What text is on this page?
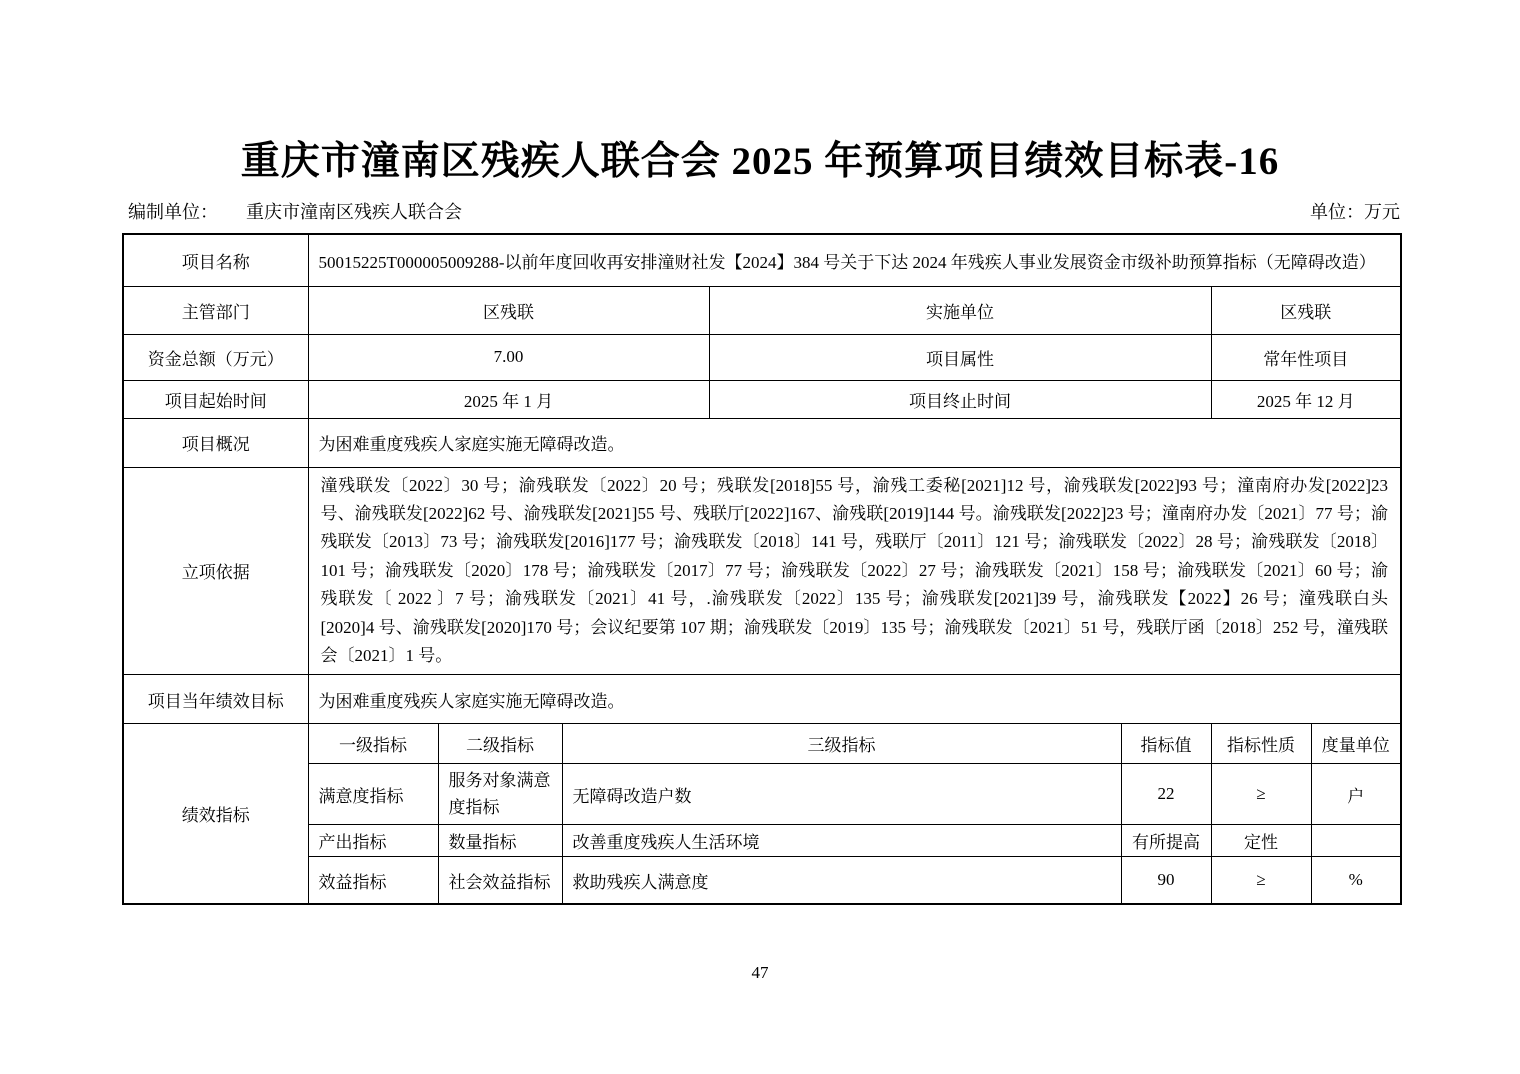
重庆市潼南区残疾人联合会 2025 年预算项目绩效目标表-16
编制单位： 重庆市潼南区残疾人联合会	单位：万元
项目名称	50015225T000005009288-以前年度回收再安排潼财社发【2024】384 号关于下达 2024 年残疾人事业发展资金市级补助预算指标（无障碍改造）						
主管部门	区残联			实施单位		区残联	
资金总额（万元）	7.00			项目属性		常年性项目	
项目起始时间	2025 年 1 月			项目终止时间		2025 年 12 月	
项目概况	为困难重度残疾人家庭实施无障碍改造。						
立项依据	潼残联发〔2022〕30 号；渝残联发〔2022〕20 号；残联发[2018]55 号，渝残工委秘[2021]12 号，渝残联发[2022]93 号；潼南府办发[2022]23 号、渝残联发[2022]62 号、渝残联发[2021]55 号、残联厅[2022]167、渝残联[2019]144 号。渝残联发[2022]23 号；潼南府办发〔2021〕77 号；渝残联发〔2013〕73 号；渝残联发[2016]177 号；渝残联发〔2018〕141 号，残联厅〔2011〕121 号；渝残联发〔2022〕28 号；渝残联发〔2018〕101 号；渝残联发〔2020〕178 号；渝残联发〔2017〕77 号；渝残联发〔2022〕27 号；渝残联发〔2021〕158 号；渝残联发〔2021〕60 号；渝残联发〔 2022 〕7 号；渝残联发〔2021〕41 号，.渝残联发〔2022〕135 号；渝残联发[2021]39 号，渝残联发【2022】26 号；潼残联白头[2020]4 号、渝残联发[2020]170 号；会议纪要第 107 期；渝残联发〔2019〕135 号；渝残联发〔2021〕51 号，残联厅函〔2018〕252 号，潼残联会〔2021〕1 号。						
项目当年绩效目标	为困难重度残疾人家庭实施无障碍改造。						
绩效指标	一级指标	二级指标	三级指标		指标值	指标性质	度量单位
	满意度指标	服务对象满意度指标	无障碍改造户数		22	≥	户
	产出指标	数量指标	改善重度残疾人生活环境		有所提高	定性	
	效益指标	社会效益指标	救助残疾人满意度		90	≥	%
47
